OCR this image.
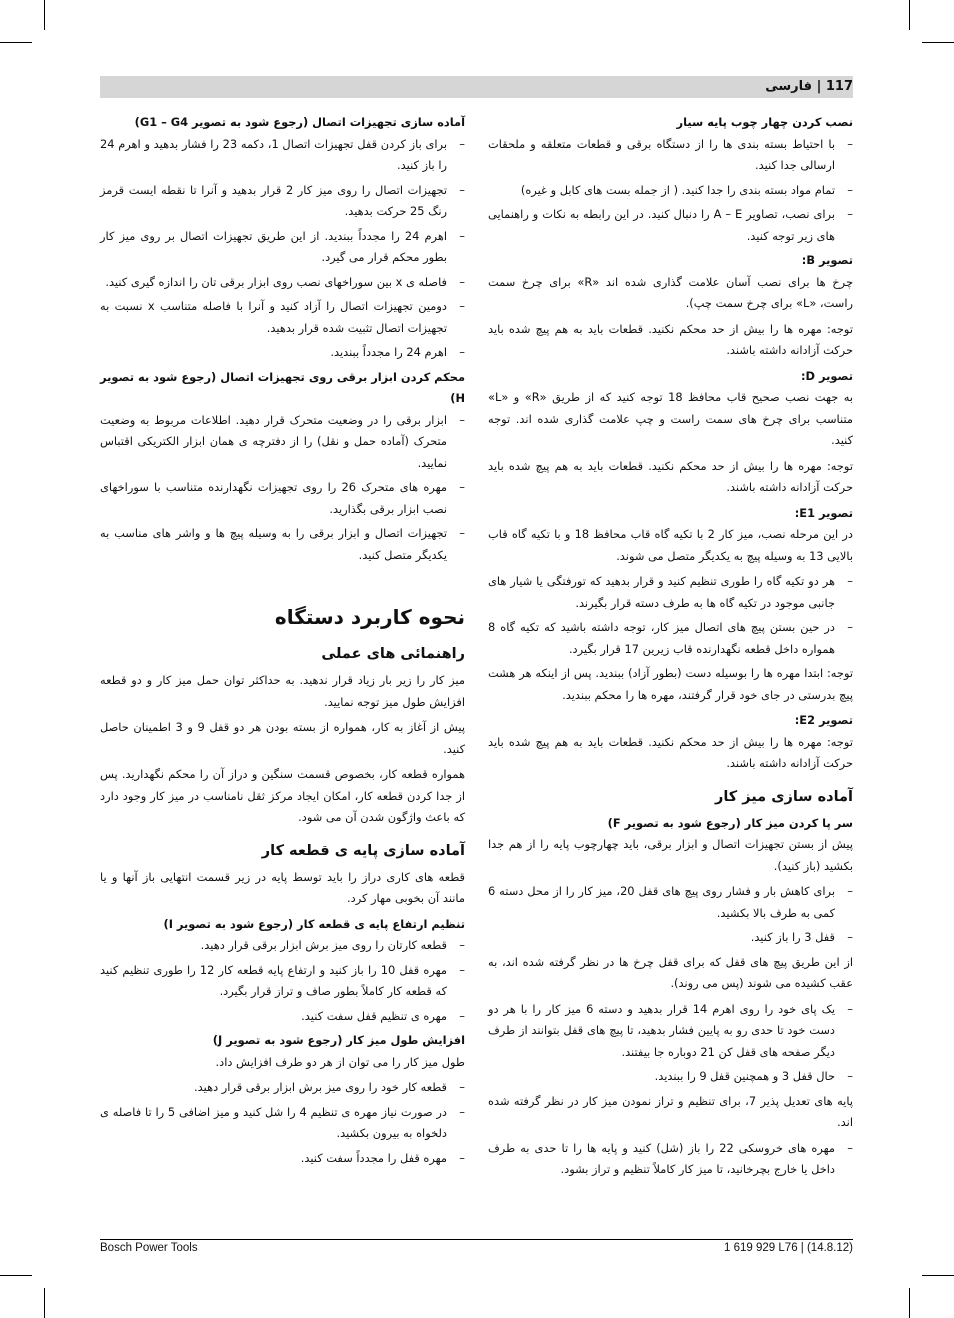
117 | فارسی
نصب کردن چهار چوب پایه سیار
– با احتیاط بسته بندی ها را از دستگاه برقی و قطعات متعلقه و ملحقات ارسالی جدا کنید.
– تمام مواد بسته بندی را جدا کنید. ( از جمله بست های کابل و غیره)
– برای نصب، تصاویر A – E را دنبال کنید. در این رابطه به نکات و راهنمایی های زیر توجه کنید.
تصویر B:
چرخ ها برای نصب آسان علامت گذاری شده اند «R» برای چرخ سمت راست، «L» برای چرخ سمت چپ).
توجه: مهره ها را بیش از حد محکم نکنید. قطعات باید به هم پیچ شده باید حرکت آزادانه داشته باشند.
تصویر D:
به جهت نصب صحیح قاب محافظ 18 توجه کنید که از طریق «R» و «L» متناسب برای چرخ های سمت راست و چپ علامت گذاری شده اند. توجه کنید.
توجه: مهره ها را بیش از حد محکم نکنید. قطعات باید به هم پیچ شده باید حرکت آزادانه داشته باشند.
تصویر E1:
در این مرحله نصب، میز کار 2 با تکیه گاه قاب محافظ 18 و با تکیه گاه قاب بالایی 13 به وسیله پیچ به یکدیگر متصل می شوند.
– هر دو تکیه گاه را طوری تنظیم کنید و قرار بدهید که تورفتگی یا شیار های جانبی موجود در تکیه گاه ها به طرف دسته قرار بگیرند.
– در حین بستن پیچ های اتصال میز کار، توجه داشته باشید که تکیه گاه 8 همواره داخل قطعه نگهدارنده قاب زیرین 17 قرار بگیرد.
توجه: ابتدا مهره ها را بوسیله دست (بطور آزاد) ببندید. پس از اینکه هر هشت پیچ بدرستی در جای خود قرار گرفتند، مهره ها را محکم ببندید.
تصویر E2:
توجه: مهره ها را بیش از حد محکم نکنید. قطعات باید به هم پیچ شده باید حرکت آزادانه داشته باشند.
آماده سازی میز کار
سر پا کردن میز کار (رجوع شود به تصویر F)
پیش از بستن تجهیزات اتصال و ابزار برقی، باید چهارچوب پایه را از هم جدا بکشید (باز کنید).
– برای کاهش بار و فشار روی پیچ های قفل 20، میز کار را از محل دسته 6 کمی به طرف بالا بکشید.
– قفل 3 را باز کنید.
از این طریق پیچ های قفل که برای قفل چرخ ها در نظر گرفته شده اند، به عقب کشیده می شوند (پس می روند).
– یک پای خود را روی اهرم 14 قرار بدهید و دسته 6 میز کار را با هر دو دست خود تا حدی رو به پایین فشار بدهید، تا پیچ های قفل بتوانند از طرف دیگر صفحه های قفل کن 21 دوباره جا بیفتند.
– حال قفل 3 و همچنین قفل 9 را ببندید.
پایه های تعدیل پذیر 7، برای تنظیم و تراز نمودن میز کار در نظر گرفته شده اند.
– مهره های خروسکی 22 را باز (شل) کنید و پایه ها را تا حدی به طرف داخل یا خارج بچرخانید، تا میز کار کاملاً تنظیم و تراز بشود.
آماده سازی تجهیزات اتصال (رجوع شود به تصویر G1 – G4)
– برای باز کردن قفل تجهیزات اتصال 1، دکمه 23 را فشار بدهید و اهرم 24 را باز کنید.
– تجهیزات اتصال را روی میز کار 2 قرار بدهید و آنرا تا نقطه ایست قرمز رنگ 25 حرکت بدهید.
– اهرم 24 را مجدداً ببندید. از این طریق تجهیزات اتصال بر روی میز کار بطور محکم قرار می گیرد.
– فاصله ی x بین سوراخهای نصب روی ابزار برقی تان را اندازه گیری کنید.
– دومین تجهیزات اتصال را آزاد کنید و آنرا با فاصله متناسب x نسبت به تجهیزات اتصال تثبیت شده قرار بدهید.
– اهرم 24 را مجدداً ببندید.
محکم کردن ابزار برقی روی تجهیزات اتصال (رجوع شود به تصویر H)
– ابزار برقی را در وضعیت متحرک قرار دهید. اطلاعات مربوط به وضعیت متحرک (آماده حمل و نقل) را از دفترچه ی همان ابزار الکتریکی اقتباس نمایید.
– مهره های متحرک 26 را روی تجهیزات نگهدارنده متناسب با سوراخهای نصب ابزار برقی بگذارید.
– تجهیزات اتصال و ابزار برقی را به وسیله پیچ ها و واشر های مناسب به یکدیگر متصل کنید.
نحوه کاربرد دستگاه
راهنمائی های عملی
میز کار را زیر بار زیاد قرار ندهید. به حداکثر توان حمل میز کار و دو قطعه افزایش طول میز توجه نمایید.
پیش از آغاز به کار، همواره از بسته بودن هر دو قفل 9 و 3 اطمینان حاصل کنید.
همواره قطعه کار، بخصوص قسمت سنگین و دراز آن را محکم نگهدارید. پس از جدا کردن قطعه کار، امکان ایجاد مرکز ثقل نامناسب در میز کار وجود دارد که باعث واژگون شدن آن می شود.
آماده سازی پایه ی قطعه کار
قطعه های کاری دراز را باید توسط پایه در زیر قسمت انتهایی باز آنها و یا مانند آن بخوبی مهار کرد.
تنظیم ارتفاع پایه ی قطعه کار (رجوع شود به تصویر I)
– قطعه کارتان را روی میز برش ابزار برقی قرار دهید.
– مهره قفل 10 را باز کنید و ارتفاع پایه قطعه کار 12 را طوری تنظیم کنید که قطعه کار کاملاً بطور صاف و تراز قرار بگیرد.
– مهره ی تنظیم قفل سفت کنید.
افزایش طول میز کار (رجوع شود به تصویر J)
طول میز کار را می توان از هر دو طرف افزایش داد.
– قطعه کار خود را روی میز برش ابزار برقی قرار دهید.
– در صورت نیاز مهره ی تنظیم 4 را شل کنید و میز اضافی 5 را تا فاصله ی دلخواه به بیرون بکشید.
– مهره قفل را مجدداً سفت کنید.
Bosch Power Tools	1 619 929 L76 | (14.8.12)
